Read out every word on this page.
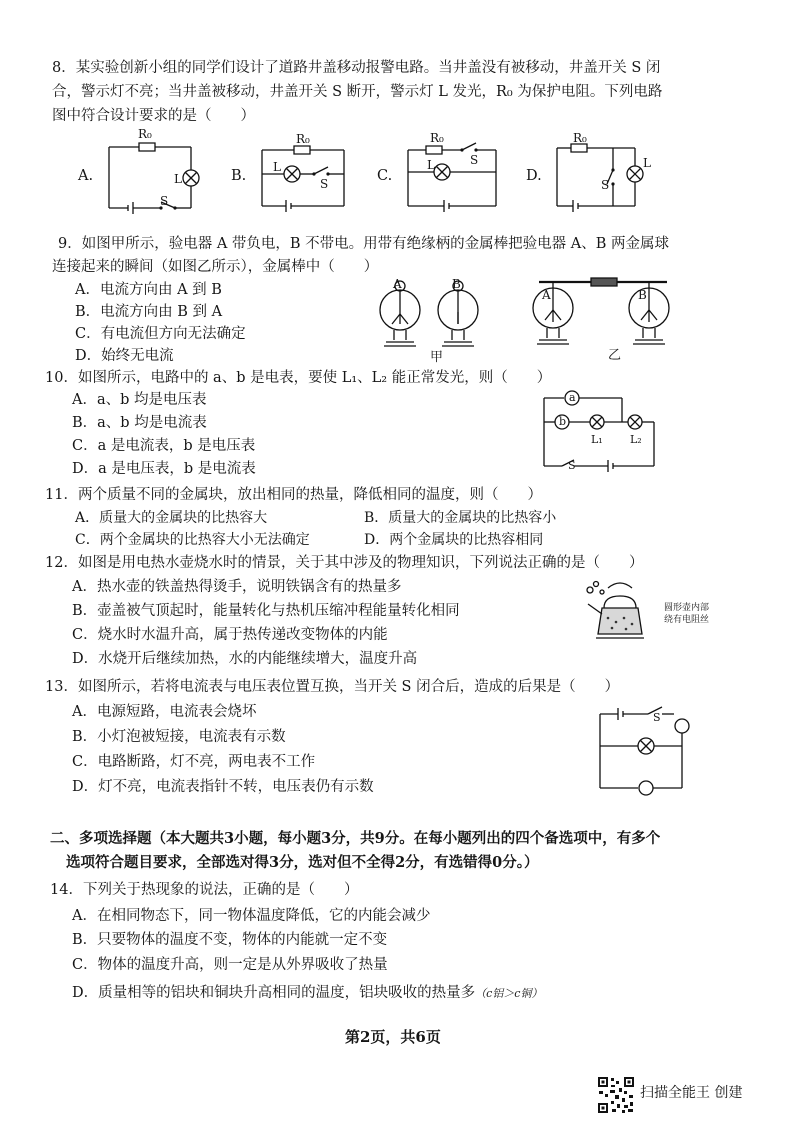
8．某实验创新小组的同学们设计了道路井盖移动报警电路。当井盖没有被移动，井盖开关 S 闭
合，警示灯不亮；当井盖被移动，井盖开关 S 断开，警示灯 L 发光，R₀ 为保护电阻。下列电路
图中符合设计要求的是（　　）
A.	B.	C.	D.
R₀
L
S
R₀
L
S
R₀
L	S
R₀
L
S
9．如图甲所示，验电器 A 带负电，B 不带电。用带有绝缘柄的金属棒把验电器 A、B 两金属球
连接起来的瞬间（如图乙所示），金属棒中（　　）
A．电流方向由 A 到 B
B．电流方向由 B 到 A
C．有电流但方向无法确定
D．始终无电流
A	B
甲
A	B
乙
10．如图所示，电路中的 a、b 是电表，要使 L₁、L₂ 能正常发光，则（　　）
A．a、b 均是电压表
B．a、b 均是电流表
C．a 是电流表，b 是电压表
D．a 是电压表，b 是电流表
a
b
L₁ L₂
S
11．两个质量不同的金属块，放出相同的热量，降低相同的温度，则（　　）
A．质量大的金属块的比热容大	B．质量大的金属块的比热容小
C．两个金属块的比热容大小无法确定	D．两个金属块的比热容相同
12．如图是用电热水壶烧水时的情景，关于其中涉及的物理知识，下列说法正确的是（　　）
A．热水壶的铁盖热得烫手，说明铁锅含有的热量多
B．壶盖被气顶起时，能量转化与热机压缩冲程能量转化相同
C．烧水时水温升高，属于热传递改变物体的内能
D．水烧开后继续加热，水的内能继续增大，温度升高
圆形壶内部
绕有电阻丝
13．如图所示，若将电流表与电压表位置互换，当开关 S 闭合后，造成的后果是（　　）
A．电源短路，电流表会烧坏
B．小灯泡被短接，电流表有示数
C．电路断路，灯不亮，两电表不工作
D．灯不亮，电流表指针不转，电压表仍有示数
S
二、多项选择题（本大题共3小题，每小题3分，共9分。在每小题列出的四个备选项中，有多个
选项符合题目要求，全部选对得3分，选对但不全得2分，有选错得0分。）
14．下列关于热现象的说法，正确的是（　　）
A．在相同物态下，同一物体温度降低，它的内能会减少
B．只要物体的温度不变，物体的内能就一定不变
C．物体的温度升高，则一定是从外界吸收了热量
D．质量相等的铝块和铜块升高相同的温度，铝块吸收的热量多（c铝＞c铜）
第2页，共6页
扫描全能王 创建
